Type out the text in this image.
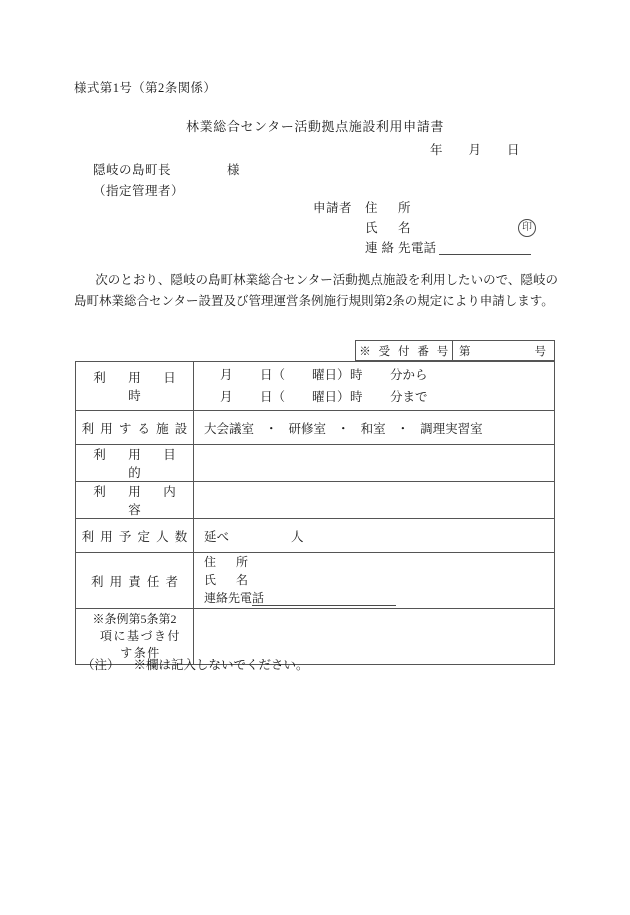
様式第1号（第2条関係）
林業総合センター活動拠点施設利用申請書
年 月 日
隠岐の島町長	様
（指定管理者）
申請者 住　所
氏　名	印
連絡先
電話
次のとおり、隠岐の島町林業総合センター活動拠点施設を利用したいので、隠岐の島町林業総合センター設置及び管理運営条例施行規則第2条の規定により申請します。
※ 受 付 番 号 第	号
利　用　日　時	月 日（ 曜日）時 分から
月 日（ 曜日）時 分まで

利 用 す る 施 設	大会議室 ・ 研修室 ・ 和室 ・ 調理実習室

利　用　目　的	
利　用　内　容	
利 用 予 定 人 数	延べ 人

利 用 責 任 者	住　所
氏　名
連絡先電話

※条例第5条第2
項に基づき付
す条件	

（注） ※欄は記入しないでください。
